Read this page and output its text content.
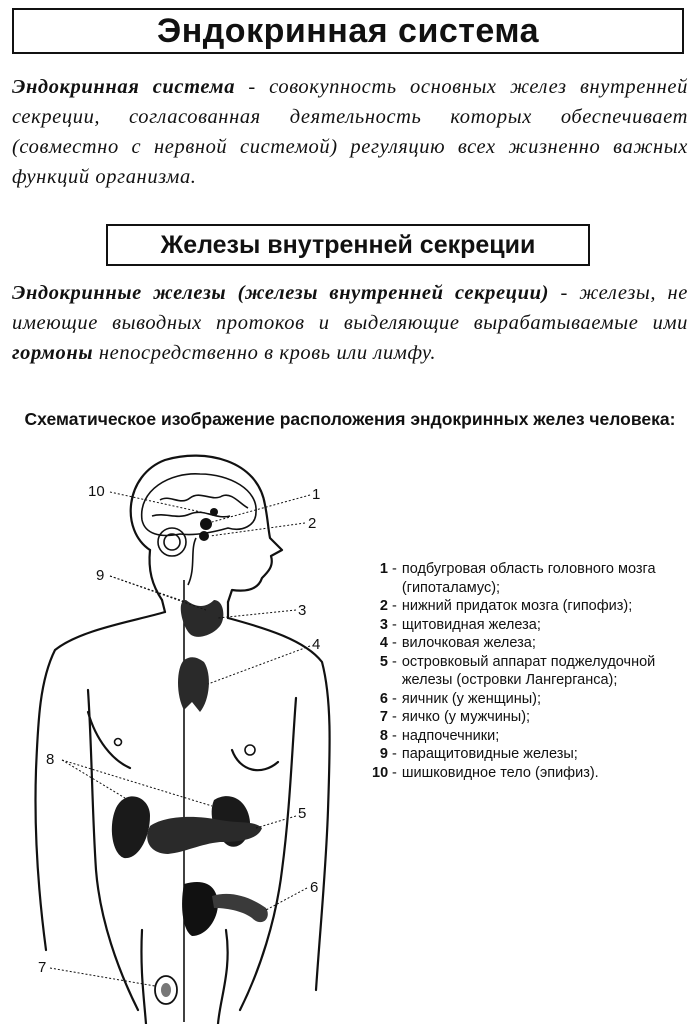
Эндокринная система
Эндокринная система - совокупность основных желез внутренней секреции, согласованная деятельность которых обеспечивает (совместно с нервной системой) регуляцию всех жизненно важных функций организма.
Железы внутренней секреции
Эндокринные железы (железы внутренней секреции) - железы, не имеющие выводных протоков и выделяющие вырабатываемые ими гормоны непосредственно в кровь или лимфу.
Схематическое изображение расположения эндокринных желез человека:
1
2
3
4
5
6
7
8
9
10
1 - подбугровая область головного мозга (гипоталамус);
2 - нижний придаток мозга (гипофиз);
3 - щитовидная железа;
4 - вилочковая железа;
5 - островковый аппарат поджелудочной железы (островки Лангерганса);
6 - яичник (у женщины);
7 - яичко (у мужчины);
8 - надпочечники;
9 - паращитовидные железы;
10 - шишковидное тело (эпифиз).
